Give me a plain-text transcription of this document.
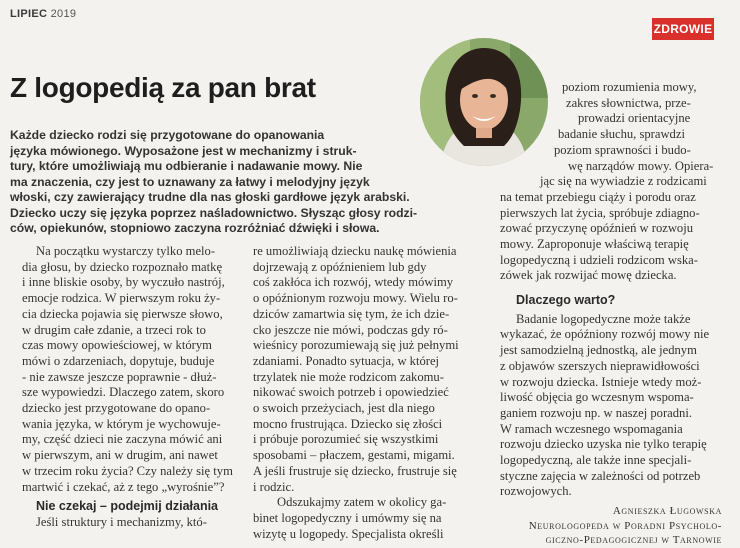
LIPIEC 2019
ZDROWIE
Z logopedią za pan brat
Każde dziecko rodzi się przygotowane do opanowania
języka mówionego. Wyposażone jest w mechanizmy i struk-
tury, które umożliwiają mu odbieranie i nadawanie mowy. Nie
ma znaczenia, czy jest to uznawany za łatwy i melodyjny język
włoski, czy zawierający trudne dla nas głoski gardłowe język arabski.
Dziecko uczy się języka poprzez naśladownictwo. Słysząc głosy rodzi-
ców, opiekunów, stopniowo zaczyna rozróżniać dźwięki i słowa.
Na początku wystarczy tylko melo-
dia głosu, by dziecko rozpoznało matkę
i inne bliskie osoby, by wyczuło nastrój,
emocje rodzica. W pierwszym roku ży-
cia dziecka pojawia się pierwsze słowo,
w drugim całe zdanie, a trzeci rok to
czas mowy opowieściowej, w którym
mówi o zdarzeniach, dopytuje, buduje
- nie zawsze jeszcze poprawnie - dłuż-
sze wypowiedzi. Dlaczego zatem, skoro
dziecko jest przygotowane do opano-
wania języka, w którym je wychowuje-
my, część dzieci nie zaczyna mówić ani
w pierwszym, ani w drugim, ani nawet
w trzecim roku życia? Czy należy się tym
martwić i czekać, aż z tego „wyrośnie”?
Nie czekaj – podejmij działania
Jeśli struktury i mechanizmy, któ-
re umożliwiają dziecku naukę mówienia
dojrzewają z opóźnieniem lub gdy
coś zakłóca ich rozwój, wtedy mówimy
o opóźnionym rozwoju mowy. Wielu ro-
dziców zamartwia się tym, że ich dzie-
cko jeszcze nie mówi, podczas gdy ró-
wieśnicy porozumiewają się już pełnymi
zdaniami. Ponadto sytuacja, w której
trzylatek nie może rodzicom zakomu-
nikować swoich potrzeb i opowiedzieć
o swoich przeżyciach, jest dla niego
mocno frustrująca. Dziecko się złości
i próbuje porozumieć się wszystkimi
sposobami – płaczem, gestami, migami.
A jeśli frustruje się dziecko, frustruje się
i rodzic.
Odszukajmy zatem w okolicy ga-
binet logopedyczny i umówmy się na
wizytę u logopedy. Specjalista określi
poziom rozumienia mowy,
zakres słownictwa, prze-
prowadzi orientacyjne
badanie słuchu, sprawdzi
poziom sprawności i budo-
wę narządów mowy. Opiera-
jąc się na wywiadzie z rodzicami
na temat przebiegu ciąży i porodu oraz
pierwszych lat życia, spróbuje zdiagno-
zować przyczynę opóźnień w rozwoju
mowy. Zaproponuje właściwą terapię
logopedyczną i udzieli rodzicom wska-
zówek jak rozwijać mowę dziecka.
Dlaczego warto?
Badanie logopedyczne może także
wykazać, że opóźniony rozwój mowy nie
jest samodzielną jednostką, ale jednym
z objawów szerszych nieprawidłowości
w rozwoju dziecka. Istnieje wtedy moż-
liwość objęcia go wczesnym wspoma-
ganiem rozwoju np. w naszej poradni.
W ramach wczesnego wspomagania
rozwoju dziecko uzyska nie tylko terapię
logopedyczną, ale także inne specjali-
styczne zajęcia w zależności od potrzeb
rozwojowych.
Agnieszka Ługowska
Neurologopeda w Poradni Psycholo-
giczno-Pedagogicznej w Tarnowie
